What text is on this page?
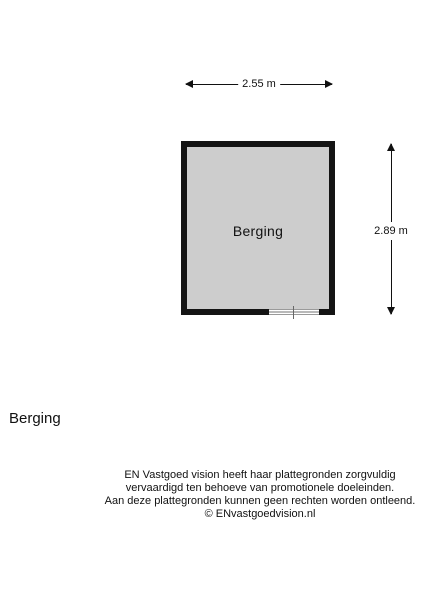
2.55 m
2.89 m
Berging
Berging
EN Vastgoed vision heeft haar plattegronden zorgvuldig
vervaardigd ten behoeve van promotionele doeleinden.
Aan deze plattegronden kunnen geen rechten worden ontleend.
© ENvastgoedvision.nl
